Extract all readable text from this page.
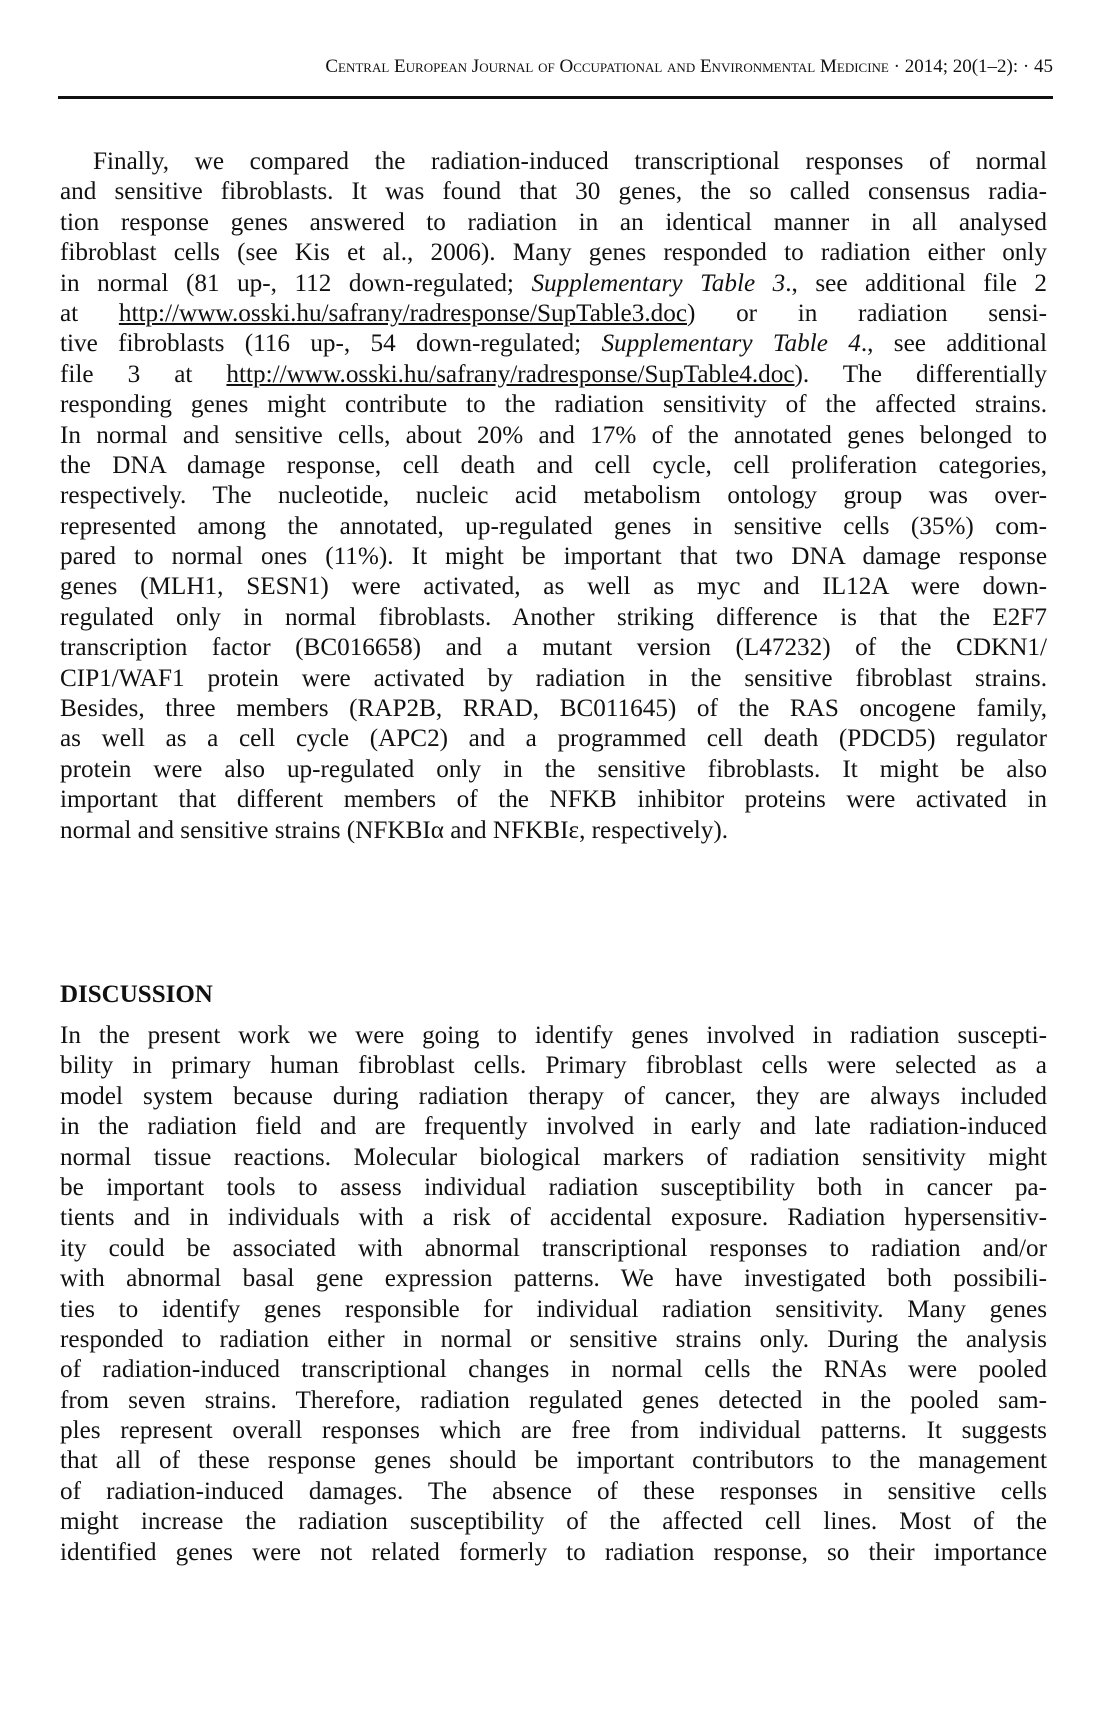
Central European Journal of Occupational and Environmental Medicine · 2014; 20(1–2): · 45
Finally, we compared the radiation-induced transcriptional responses of normal
and sensitive fibroblasts. It was found that 30 genes, the so called consensus radia-
tion response genes answered to radiation in an identical manner in all analysed
fibroblast cells (see Kis et al., 2006). Many genes responded to radiation either only
in normal (81 up-, 112 down-regulated; Supplementary Table 3., see additional file 2
at http://www.osski.hu/safrany/radresponse/SupTable3.doc) or in radiation sensi-
tive fibroblasts (116 up-, 54 down-regulated; Supplementary Table 4., see additional
file 3 at http://www.osski.hu/safrany/radresponse/SupTable4.doc). The differentially
responding genes might contribute to the radiation sensitivity of the affected strains.
In normal and sensitive cells, about 20% and 17% of the annotated genes belonged to
the DNA damage response, cell death and cell cycle, cell proliferation categories,
respectively. The nucleotide, nucleic acid metabolism ontology group was over-
represented among the annotated, up-regulated genes in sensitive cells (35%) com-
pared to normal ones (11%). It might be important that two DNA damage response
genes (MLH1, SESN1) were activated, as well as myc and IL12A were down-
regulated only in normal fibroblasts. Another striking difference is that the E2F7
transcription factor (BC016658) and a mutant version (L47232) of the CDKN1/
CIP1/WAF1 protein were activated by radiation in the sensitive fibroblast strains.
Besides, three members (RAP2B, RRAD, BC011645) of the RAS oncogene family,
as well as a cell cycle (APC2) and a programmed cell death (PDCD5) regulator
protein were also up-regulated only in the sensitive fibroblasts. It might be also
important that different members of the NFKB inhibitor proteins were activated in
normal and sensitive strains (NFKBIα and NFKBIε, respectively).
DISCUSSION
In the present work we were going to identify genes involved in radiation suscepti-
bility in primary human fibroblast cells. Primary fibroblast cells were selected as a
model system because during radiation therapy of cancer, they are always included
in the radiation field and are frequently involved in early and late radiation-induced
normal tissue reactions. Molecular biological markers of radiation sensitivity might
be important tools to assess individual radiation susceptibility both in cancer pa-
tients and in individuals with a risk of accidental exposure. Radiation hypersensitiv-
ity could be associated with abnormal transcriptional responses to radiation and/or
with abnormal basal gene expression patterns. We have investigated both possibili-
ties to identify genes responsible for individual radiation sensitivity. Many genes
responded to radiation either in normal or sensitive strains only. During the analysis
of radiation-induced transcriptional changes in normal cells the RNAs were pooled
from seven strains. Therefore, radiation regulated genes detected in the pooled sam-
ples represent overall responses which are free from individual patterns. It suggests
that all of these response genes should be important contributors to the management
of radiation-induced damages. The absence of these responses in sensitive cells
might increase the radiation susceptibility of the affected cell lines. Most of the
identified genes were not related formerly to radiation response, so their importance
